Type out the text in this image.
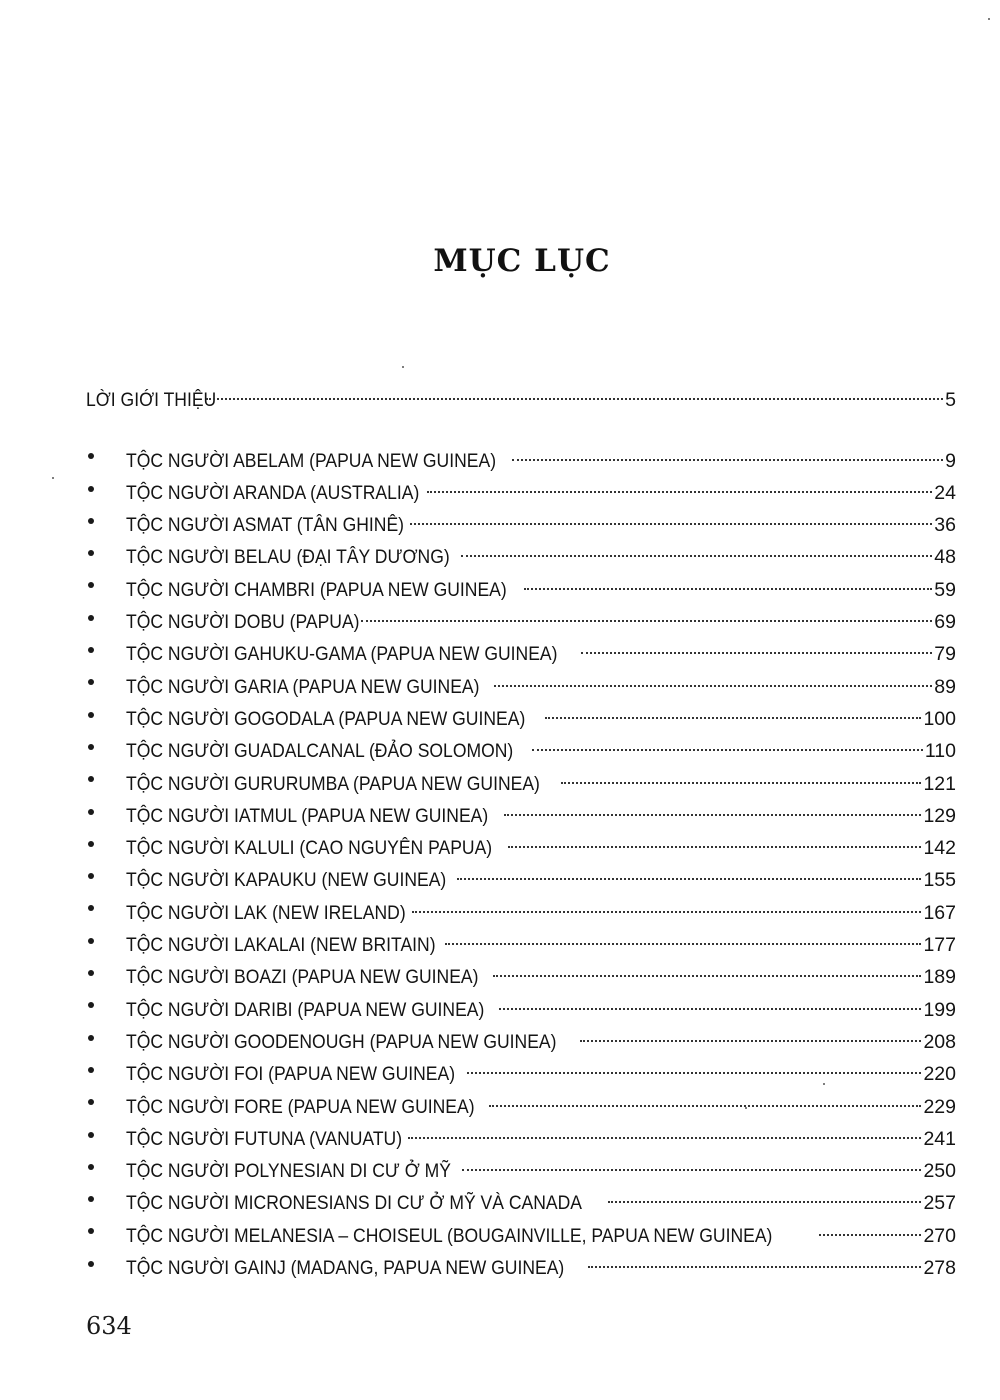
MỤC LỤC
LỜI GIỚI THIỆU	5
TỘC NGƯỜI ABELAM (PAPUA NEW GUINEA)	9
TỘC NGƯỜI ARANDA (AUSTRALIA)	24
TỘC NGƯỜI ASMAT (TÂN GHINÊ)	36
TỘC NGƯỜI BELAU (ĐẠI TÂY DƯƠNG)	48
TỘC NGƯỜI CHAMBRI (PAPUA NEW GUINEA)	59
TỘC NGƯỜI DOBU (PAPUA)	69
TỘC NGƯỜI GAHUKU-GAMA (PAPUA NEW GUINEA)	79
TỘC NGƯỜI GARIA (PAPUA NEW GUINEA)	89
TỘC NGƯỜI GOGODALA (PAPUA NEW GUINEA)	100
TỘC NGƯỜI GUADALCANAL (ĐẢO SOLOMON)	110
TỘC NGƯỜI GURURUMBA (PAPUA NEW GUINEA)	121
TỘC NGƯỜI IATMUL (PAPUA NEW GUINEA)	129
TỘC NGƯỜI KALULI (CAO NGUYÊN PAPUA)	142
TỘC NGƯỜI KAPAUKU (NEW GUINEA)	155
TỘC NGƯỜI LAK (NEW IRELAND)	167
TỘC NGƯỜI LAKALAI (NEW BRITAIN)	177
TỘC NGƯỜI BOAZI (PAPUA NEW GUINEA)	189
TỘC NGƯỜI DARIBI (PAPUA NEW GUINEA)	199
TỘC NGƯỜI GOODENOUGH (PAPUA NEW GUINEA)	208
TỘC NGƯỜI FOI (PAPUA NEW GUINEA)	220
TỘC NGƯỜI FORE (PAPUA NEW GUINEA)	229
TỘC NGƯỜI FUTUNA (VANUATU)	241
TỘC NGƯỜI POLYNESIAN DI CƯ Ở MỸ	250
TỘC NGƯỜI MICRONESIANS DI CƯ Ở MỸ VÀ CANADA	257
TỘC NGƯỜI MELANESIA – CHOISEUL (BOUGAINVILLE, PAPUA NEW GUINEA)	270
TỘC NGƯỜI GAINJ (MADANG, PAPUA NEW GUINEA)	278
634
